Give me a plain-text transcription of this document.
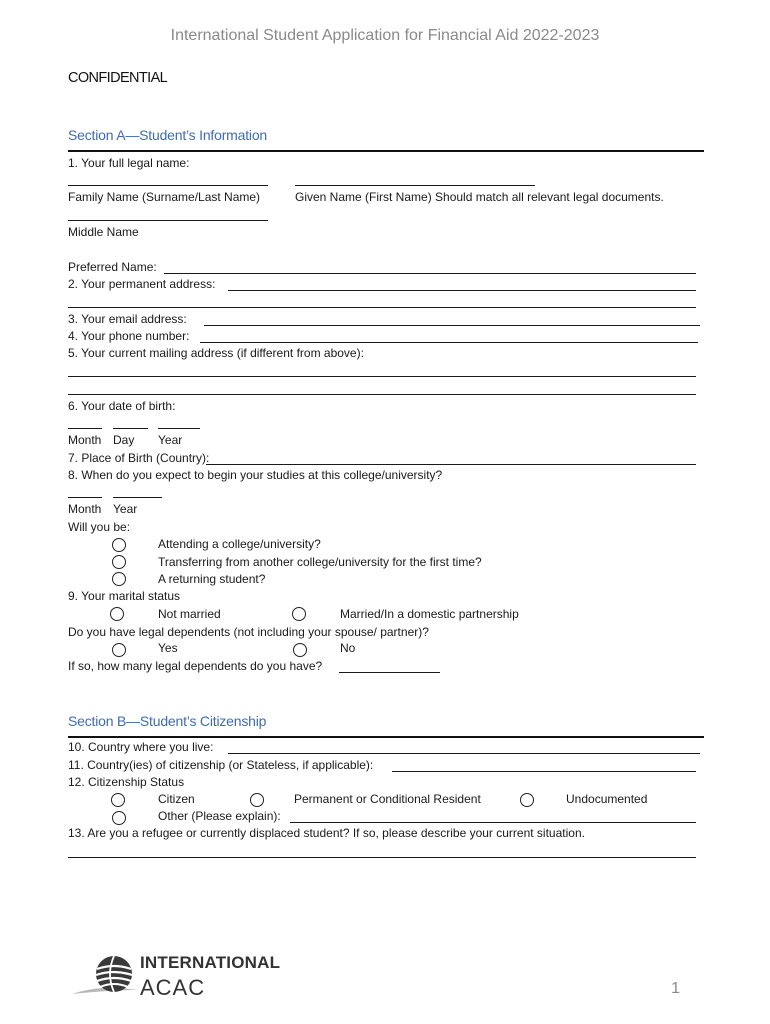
International Student Application for Financial Aid 2022-2023
CONFIDENTIAL
Section A—Student’s Information
1. Your full legal name:
Family Name (Surname/Last Name)	Given Name (First Name) Should match all relevant legal documents.
Middle Name
Preferred Name:
2. Your permanent address:
3. Your email address:
4. Your phone number:
5. Your current mailing address (if different from above):
6. Your date of birth:
Month Day Year
7. Place of Birth (Country):
8. When do you expect to begin your studies at this college/university?
Month Year
Will you be:
Attending a college/university?
Transferring from another college/university for the first time?
A returning student?
9. Your marital status
Not married	Married/In a domestic partnership
Do you have legal dependents (not including your spouse/ partner)?
Yes	No
If so, how many legal dependents do you have?
Section B—Student’s Citizenship
10. Country where you live:
11. Country(ies) of citizenship (or Stateless, if applicable):
12. Citizenship Status
Citizen	Permanent or Conditional Resident	Undocumented
Other (Please explain):
13. Are you a refugee or currently displaced student? If so, please describe your current situation.
INTERNATIONAL
ACAC	1
